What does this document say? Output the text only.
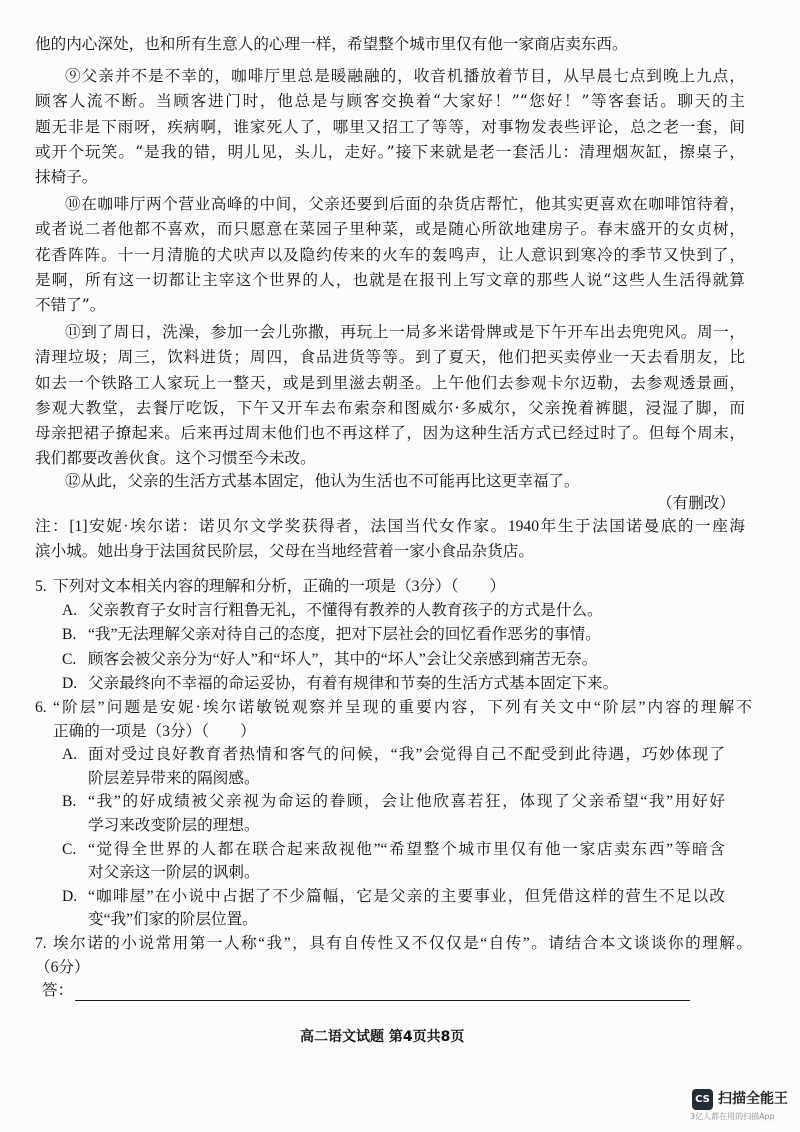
他的内心深处，也和所有生意人的心理一样，希望整个城市里仅有他一家商店卖东西。
⑨父亲并不是不幸的，咖啡厅里总是暖融融的，收音机播放着节目，从早晨七点到晚上九点，
顾客人流不断。当顾客进门时，他总是与顾客交换着“大家好！”“您好！”等客套话。聊天的主
题无非是下雨呀，疾病啊，谁家死人了，哪里又招工了等等，对事物发表些评论，总之老一套，间
或开个玩笑。“是我的错，明儿见，头儿，走好。”接下来就是老一套活儿：清理烟灰缸，擦桌子，
抹椅子。
⑩在咖啡厅两个营业高峰的中间，父亲还要到后面的杂货店帮忙，他其实更喜欢在咖啡馆待着，
或者说二者他都不喜欢，而只愿意在菜园子里种菜，或是随心所欲地建房子。春末盛开的女贞树，
花香阵阵。十一月清脆的犬吠声以及隐约传来的火车的轰鸣声，让人意识到寒冷的季节又快到了，
是啊，所有这一切都让主宰这个世界的人，也就是在报刊上写文章的那些人说“这些人生活得就算
不错了”。
⑪到了周日，洗澡，参加一会儿弥撒，再玩上一局多米诺骨牌或是下午开车出去兜兜风。周一，
清理垃圾；周三，饮料进货；周四，食品进货等等。到了夏天，他们把买卖停业一天去看朋友，比
如去一个铁路工人家玩上一整天，或是到里滋去朝圣。上午他们去参观卡尔迈勒，去参观透景画，
参观大教堂，去餐厅吃饭，下午又开车去布索奈和图威尔·多威尔，父亲挽着裤腿，浸湿了脚，而
母亲把裙子撩起来。后来再过周末他们也不再这样了，因为这种生活方式已经过时了。但每个周末，
我们都要改善伙食。这个习惯至今未改。
⑫从此，父亲的生活方式基本固定，他认为生活也不可能再比这更幸福了。
（有删改）
注：[1]安妮·埃尔诺：诺贝尔文学奖获得者，法国当代女作家。1940年生于法国诺曼底的一座海
滨小城。她出身于法国贫民阶层，父母在当地经营着一家小食品杂货店。
5. 下列对文本相关内容的理解和分析，正确的一项是（3分）（　　）
A. 父亲教育子女时言行粗鲁无礼，不懂得有教养的人教育孩子的方式是什么。
B. “我”无法理解父亲对待自己的态度，把对下层社会的回忆看作恶劣的事情。
C. 顾客会被父亲分为“好人”和“坏人”，其中的“坏人”会让父亲感到痛苦无奈。
D. 父亲最终向不幸福的命运妥协，有着有规律和节奏的生活方式基本固定下来。
6. “阶层”问题是安妮·埃尔诺敏锐观察并呈现的重要内容，下列有关文中“阶层”内容的理解不
正确的一项是（3分）（　　）
A. 面对受过良好教育者热情和客气的问候，“我”会觉得自己不配受到此待遇，巧妙体现了
阶层差异带来的隔阂感。
B. “我”的好成绩被父亲视为命运的眷顾，会让他欣喜若狂，体现了父亲希望“我”用好好
学习来改变阶层的理想。
C. “觉得全世界的人都在联合起来敌视他”“希望整个城市里仅有他一家店卖东西”等暗含
对父亲这一阶层的讽刺。
D. “咖啡屋”在小说中占据了不少篇幅，它是父亲的主要事业，但凭借这样的营生不足以改
变“我”们家的阶层位置。
7. 埃尔诺的小说常用第一人称“我”，具有自传性又不仅仅是“自传”。请结合本文谈谈你的理解。
（6分）
答：
高二语文试题 第4页共8页
CS 扫描全能王
3亿人都在用的扫描App
